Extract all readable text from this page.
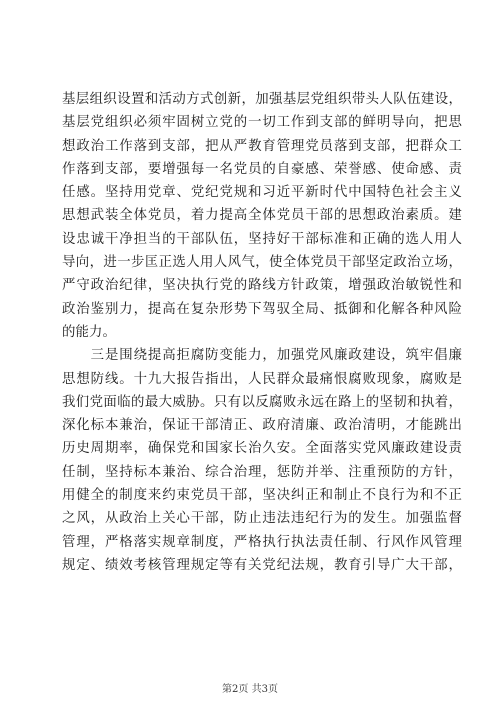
基层组织设置和活动方式创新，加强基层党组织带头人队伍建设，
基层党组织必须牢固树立党的一切工作到支部的鲜明导向，把思
想政治工作落到支部，把从严教育管理党员落到支部，把群众工
作落到支部，要增强每一名党员的自豪感、荣誉感、使命感、责
任感。坚持用党章、党纪党规和习近平新时代中国特色社会主义
思想武装全体党员，着力提高全体党员干部的思想政治素质。建
设忠诚干净担当的干部队伍，坚持好干部标准和正确的选人用人
导向，进一步匡正选人用人风气，使全体党员干部坚定政治立场，
严守政治纪律，坚决执行党的路线方针政策，增强政治敏锐性和
政治鉴别力，提高在复杂形势下驾驭全局、抵御和化解各种风险
的能力。
　　三是围绕提高拒腐防变能力，加强党风廉政建设，筑牢倡廉
思想防线。十九大报告指出，人民群众最痛恨腐败现象，腐败是
我们党面临的最大威胁。只有以反腐败永远在路上的坚韧和执着，
深化标本兼治，保证干部清正、政府清廉、政治清明，才能跳出
历史周期率，确保党和国家长治久安。全面落实党风廉政建设责
任制，坚持标本兼治、综合治理，惩防并举、注重预防的方针，
用健全的制度来约束党员干部，坚决纠正和制止不良行为和不正
之风，从政治上关心干部，防止违法违纪行为的发生。加强监督
管理，严格落实规章制度，严格执行执法责任制、行风作风管理
规定、绩效考核管理规定等有关党纪法规，教育引导广大干部，
第2页 共3页
